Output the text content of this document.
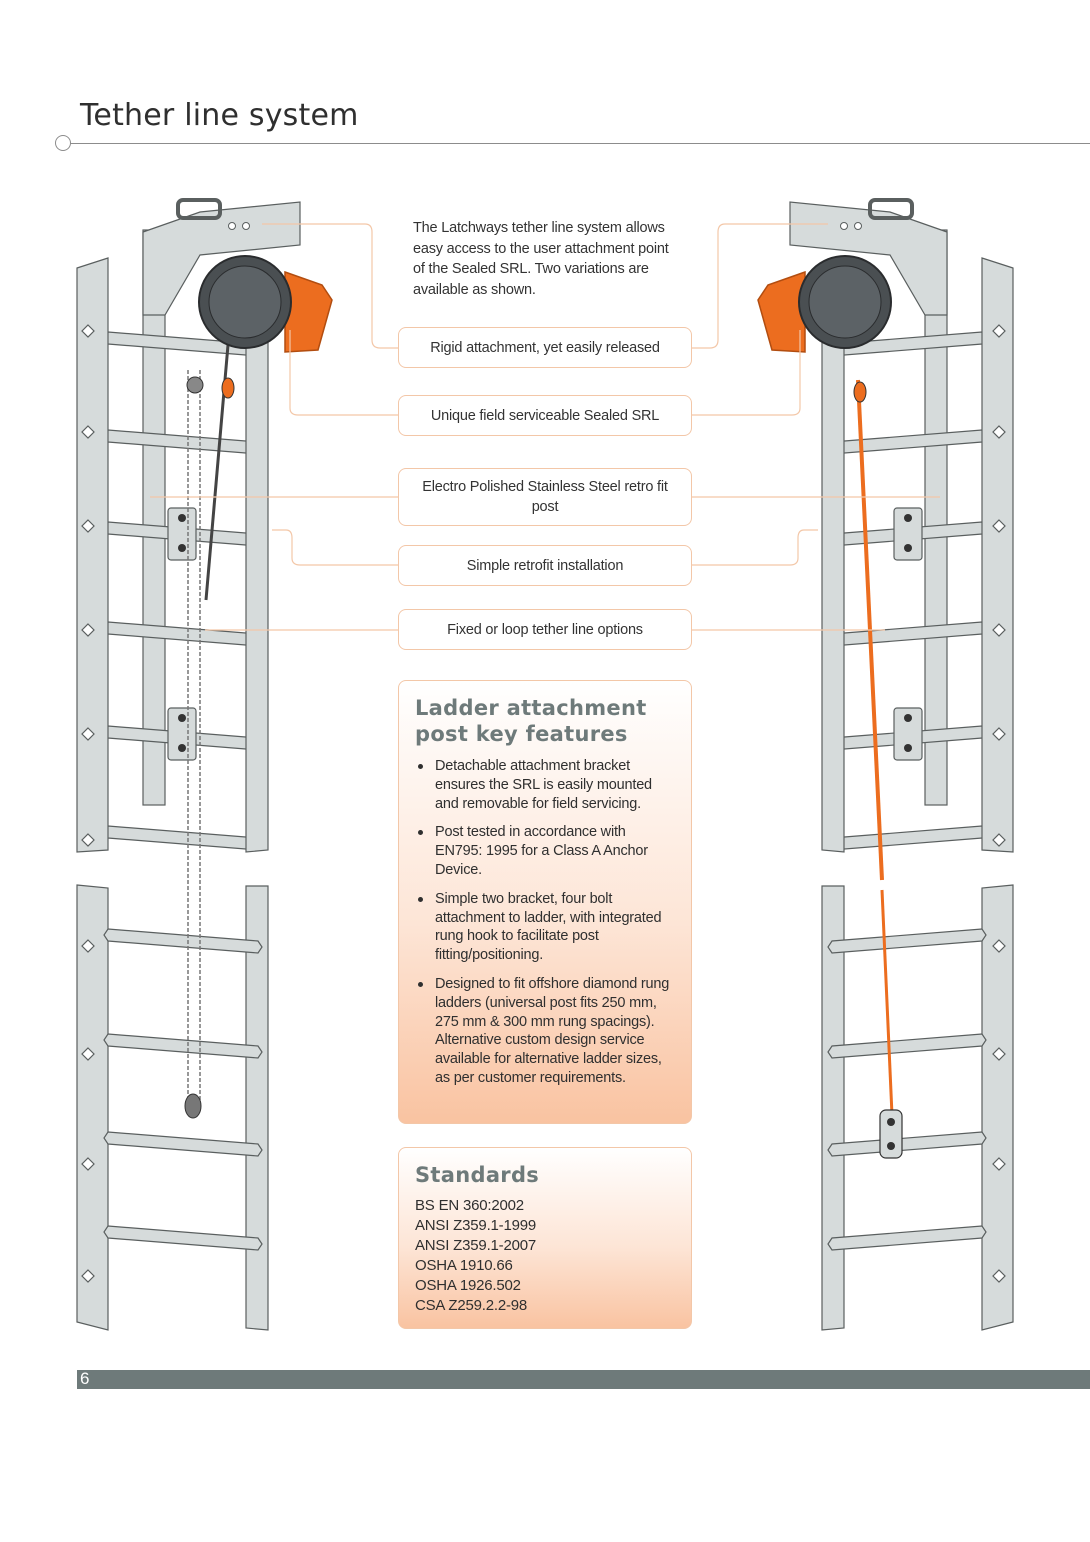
Tether line system

The Latchways tether line system allows easy access to the user attachment point of the Sealed SRL. Two variations are available as shown.

Rigid attachment, yet easily released
Unique field serviceable Sealed SRL
Electro Polished Stainless Steel retro fit post
Simple retrofit installation
Fixed or loop tether line options
Ladder attachment post key features
Detachable attachment bracket ensures the SRL is easily mounted and removable for field servicing.
Post tested in accordance with EN795: 1995 for a Class A Anchor Device.
Simple two bracket, four bolt attachment to ladder, with integrated rung hook to facilitate post fitting/positioning.
Designed to fit offshore diamond rung ladders (universal post fits 250 mm, 275 mm & 300 mm rung spacings). Alternative custom design service available for alternative ladder sizes, as per customer requirements.
Standards
BS EN 360:2002
ANSI Z359.1-1999
ANSI Z359.1-2007
OSHA 1910.66
OSHA 1926.502
CSA Z259.2.2-98
6
